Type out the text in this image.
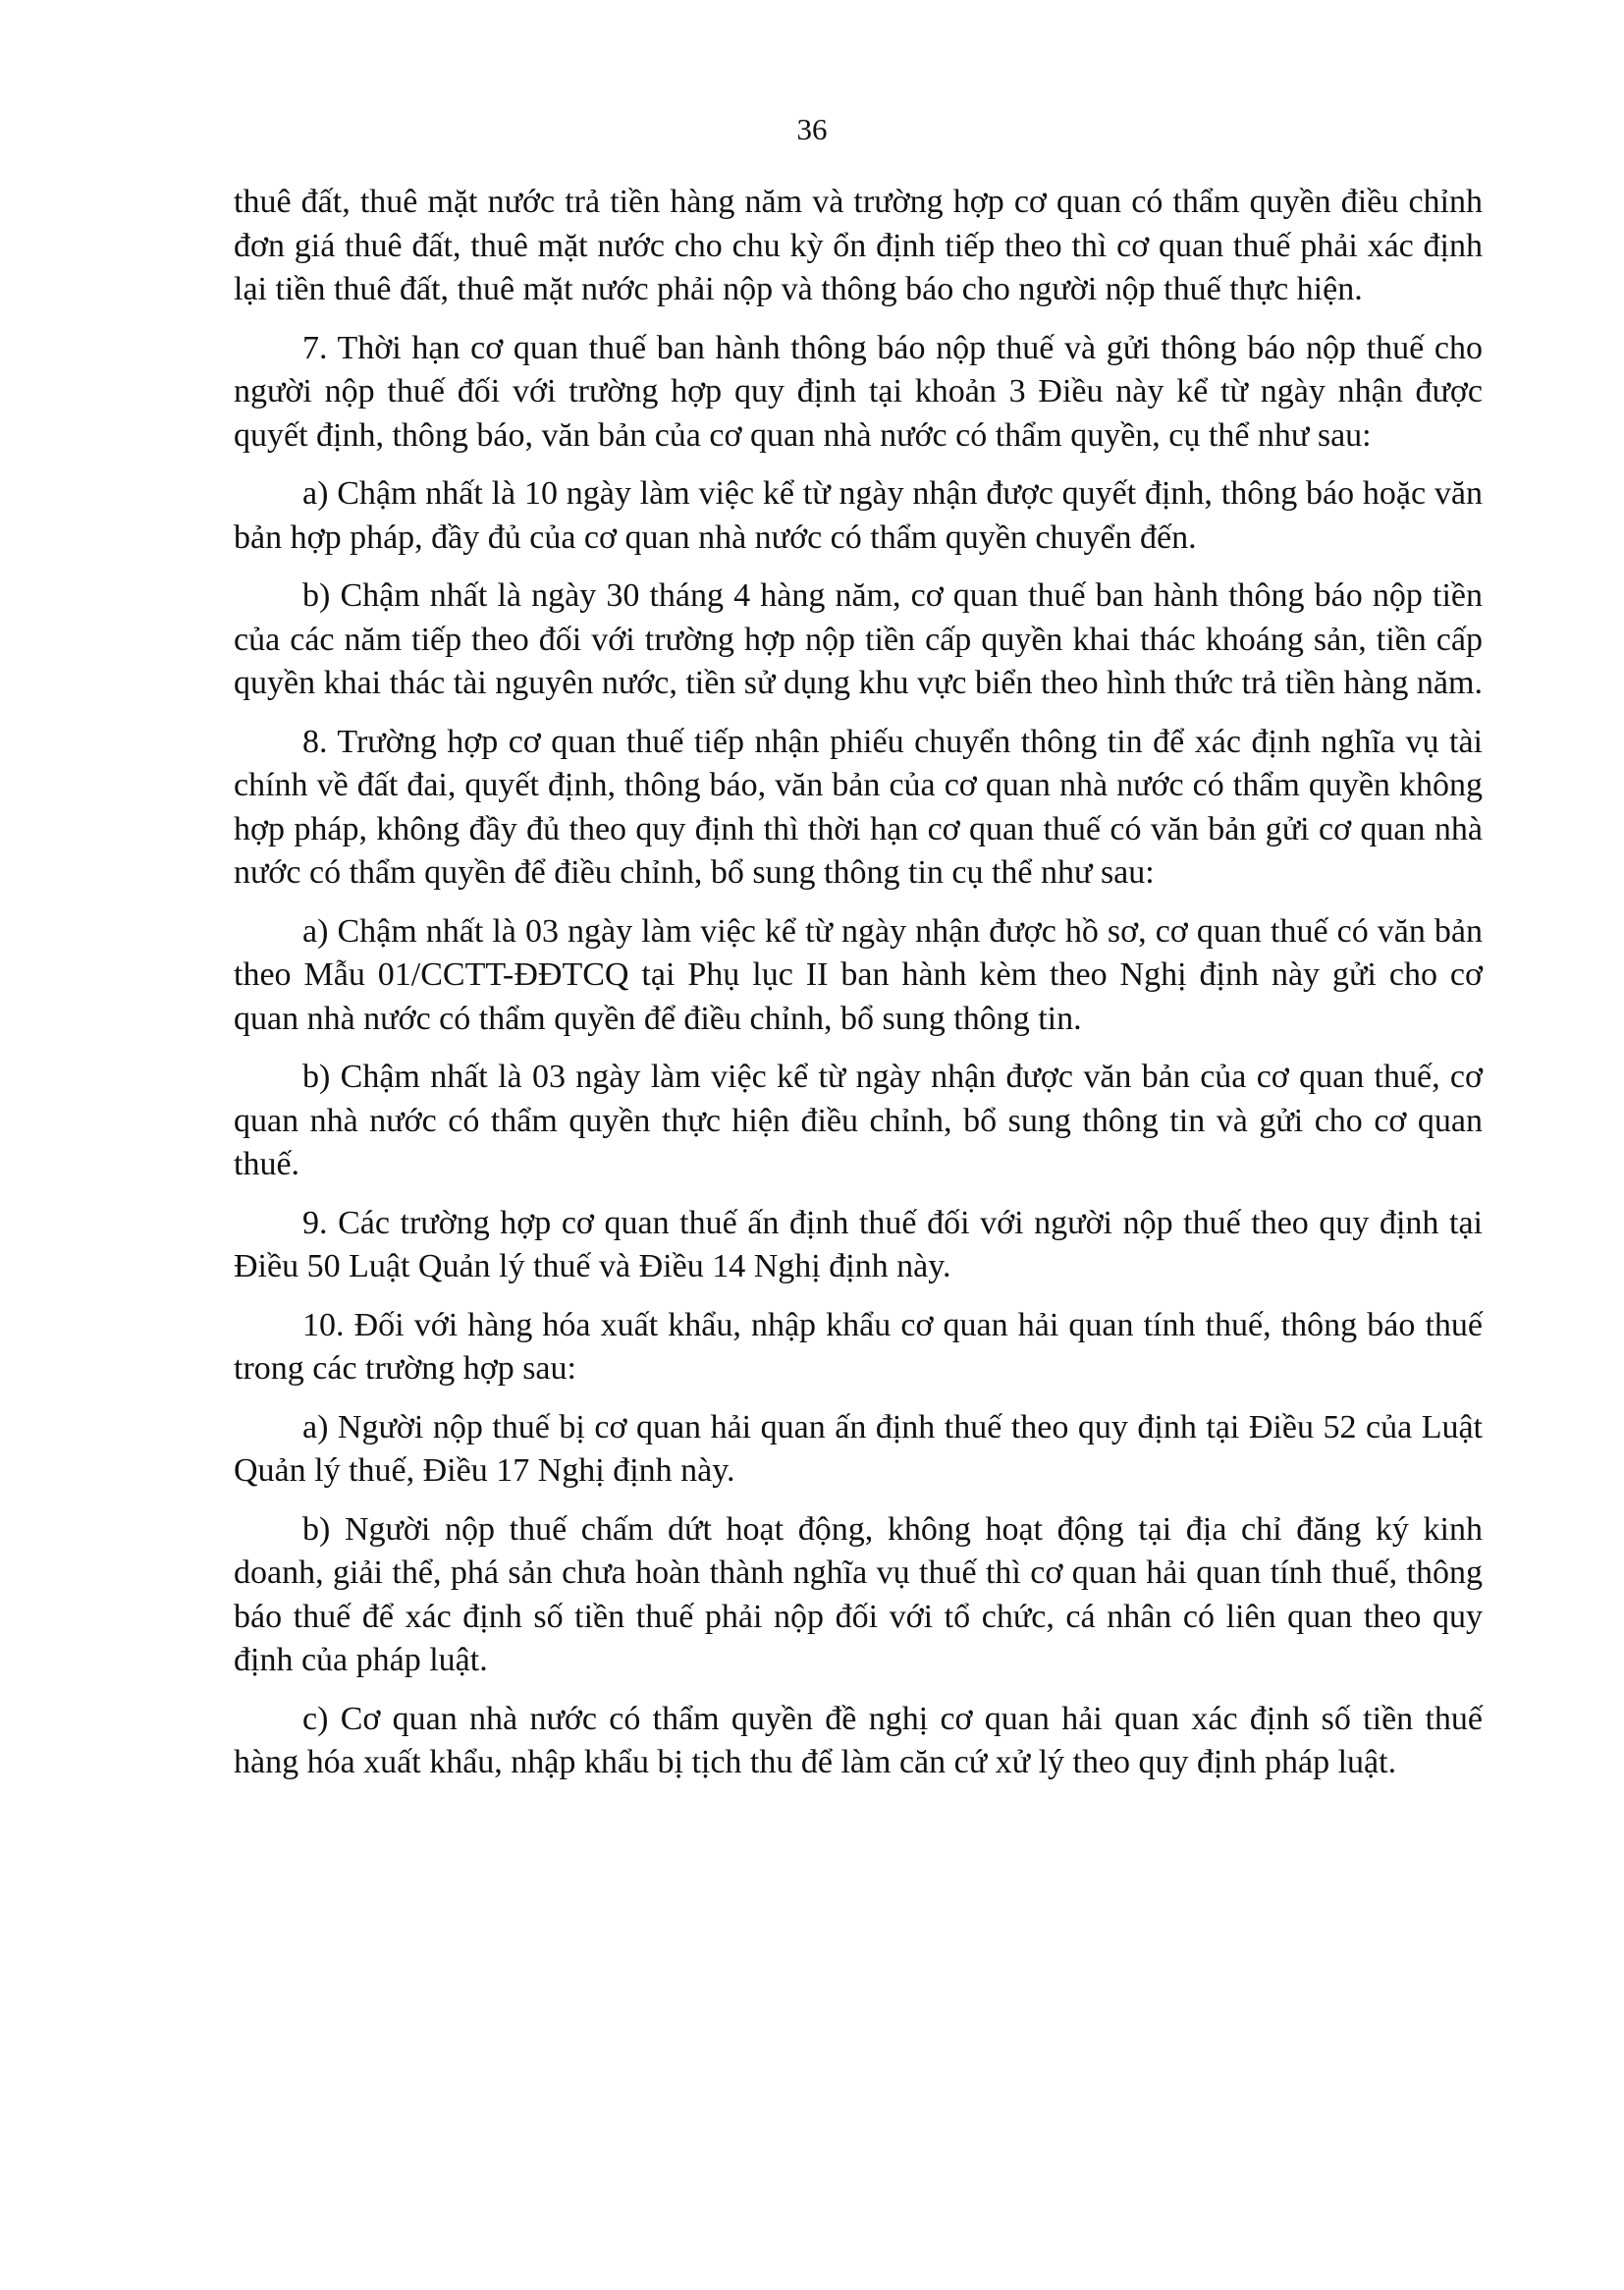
36

thuê đất, thuê mặt nước trả tiền hàng năm và trường hợp cơ quan có thẩm quyền điều chỉnh đơn giá thuê đất, thuê mặt nước cho chu kỳ ổn định tiếp theo thì cơ quan thuế phải xác định lại tiền thuê đất, thuê mặt nước phải nộp và thông báo cho người nộp thuế thực hiện.

7. Thời hạn cơ quan thuế ban hành thông báo nộp thuế và gửi thông báo nộp thuế cho người nộp thuế đối với trường hợp quy định tại khoản 3 Điều này kể từ ngày nhận được quyết định, thông báo, văn bản của cơ quan nhà nước có thẩm quyền, cụ thể như sau:

a) Chậm nhất là 10 ngày làm việc kể từ ngày nhận được quyết định, thông báo hoặc văn bản hợp pháp, đầy đủ của cơ quan nhà nước có thẩm quyền chuyển đến.

b) Chậm nhất là ngày 30 tháng 4 hàng năm, cơ quan thuế ban hành thông báo nộp tiền của các năm tiếp theo đối với trường hợp nộp tiền cấp quyền khai thác khoáng sản, tiền cấp quyền khai thác tài nguyên nước, tiền sử dụng khu vực biển theo hình thức trả tiền hàng năm.

8. Trường hợp cơ quan thuế tiếp nhận phiếu chuyển thông tin để xác định nghĩa vụ tài chính về đất đai, quyết định, thông báo, văn bản của cơ quan nhà nước có thẩm quyền không hợp pháp, không đầy đủ theo quy định thì thời hạn cơ quan thuế có văn bản gửi cơ quan nhà nước có thẩm quyền để điều chỉnh, bổ sung thông tin cụ thể như sau:

a) Chậm nhất là 03 ngày làm việc kể từ ngày nhận được hồ sơ, cơ quan thuế có văn bản theo Mẫu 01/CCTT-ĐĐTCQ tại Phụ lục II ban hành kèm theo Nghị định này gửi cho cơ quan nhà nước có thẩm quyền để điều chỉnh, bổ sung thông tin.

b) Chậm nhất là 03 ngày làm việc kể từ ngày nhận được văn bản của cơ quan thuế, cơ quan nhà nước có thẩm quyền thực hiện điều chỉnh, bổ sung thông tin và gửi cho cơ quan thuế.

9. Các trường hợp cơ quan thuế ấn định thuế đối với người nộp thuế theo quy định tại Điều 50 Luật Quản lý thuế và Điều 14 Nghị định này.

10. Đối với hàng hóa xuất khẩu, nhập khẩu cơ quan hải quan tính thuế, thông báo thuế trong các trường hợp sau:

a) Người nộp thuế bị cơ quan hải quan ấn định thuế theo quy định tại Điều 52 của Luật Quản lý thuế, Điều 17 Nghị định này.

b) Người nộp thuế chấm dứt hoạt động, không hoạt động tại địa chỉ đăng ký kinh doanh, giải thể, phá sản chưa hoàn thành nghĩa vụ thuế thì cơ quan hải quan tính thuế, thông báo thuế để xác định số tiền thuế phải nộp đối với tổ chức, cá nhân có liên quan theo quy định của pháp luật.

c) Cơ quan nhà nước có thẩm quyền đề nghị cơ quan hải quan xác định số tiền thuế hàng hóa xuất khẩu, nhập khẩu bị tịch thu để làm căn cứ xử lý theo quy định pháp luật.
